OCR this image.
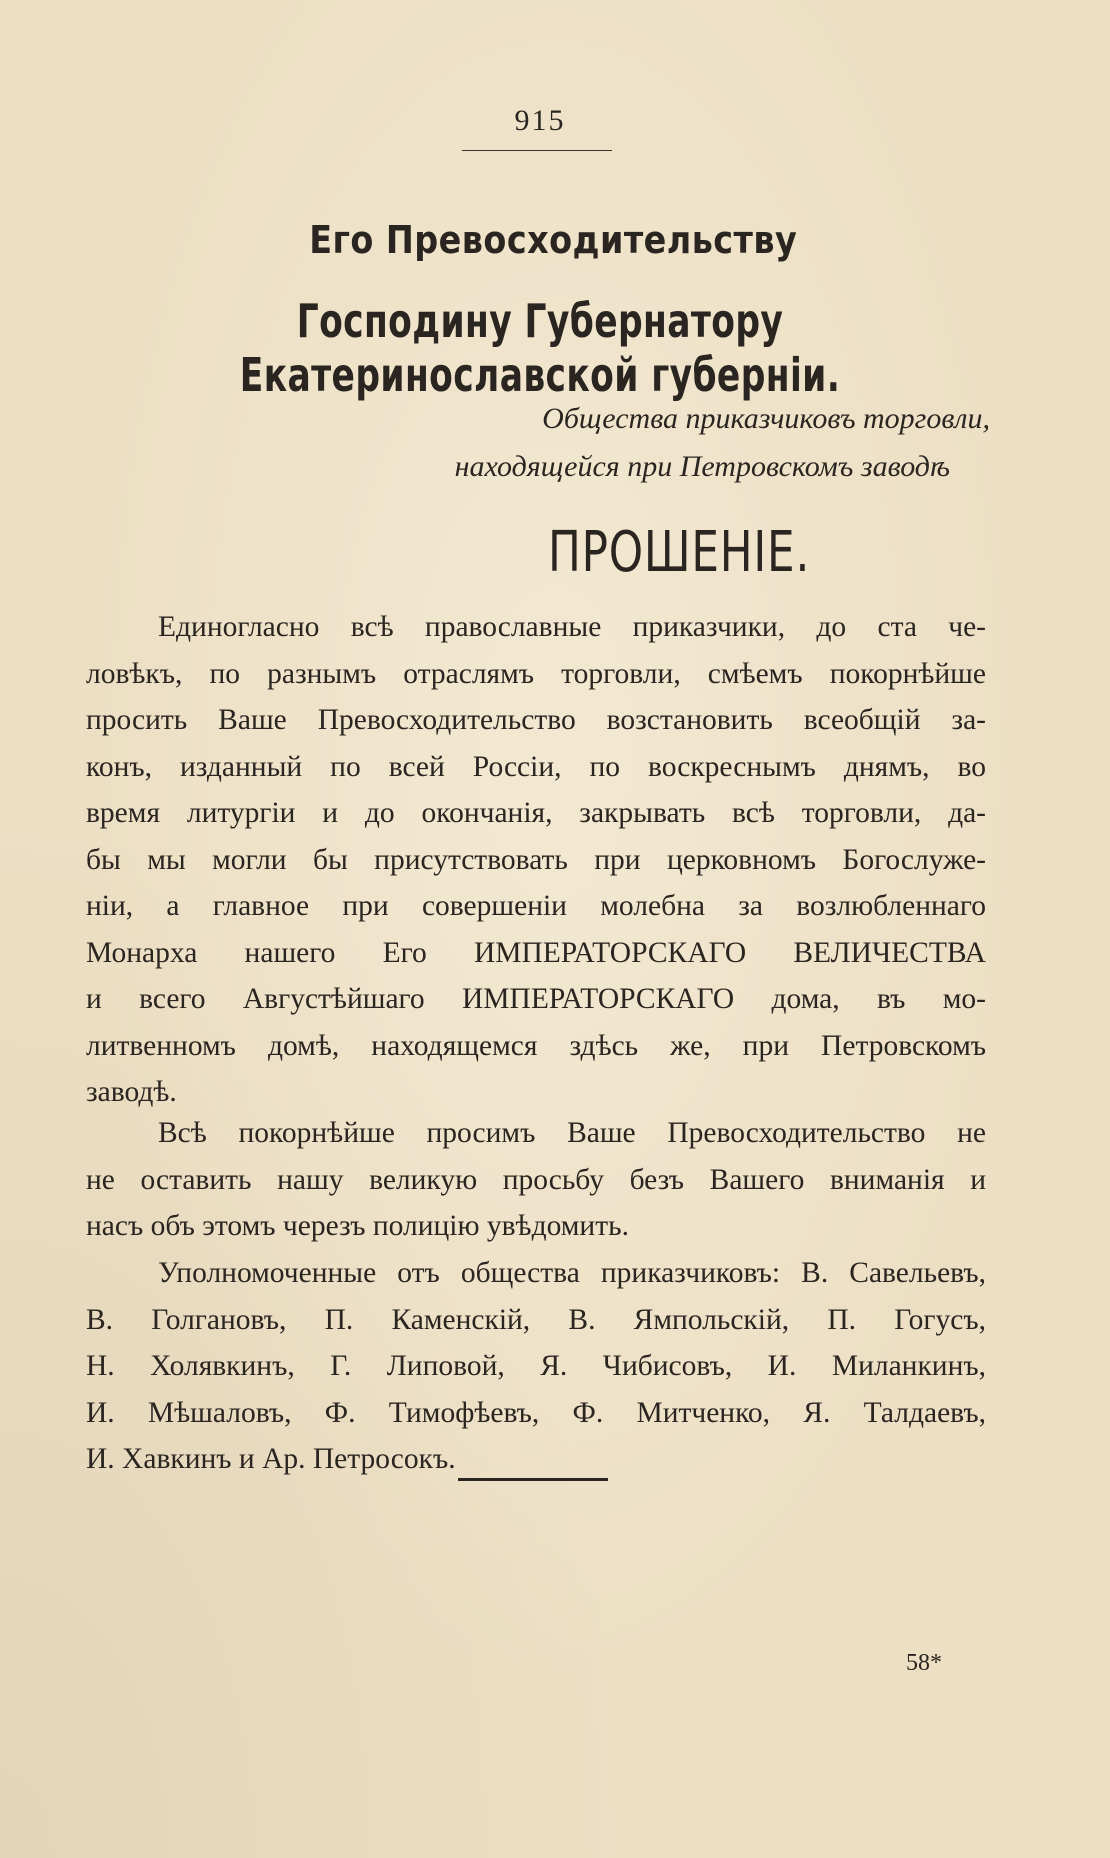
915
Его Превосходительству
Господину Губернатору Екатеринославской губерніи.
Общества приказчиковъ торговли,
находящейся при Петровскомъ заводѣ
ПРОШЕНІЕ.
Единогласно всѣ православные приказчики, до ста че-
ловѣкъ, по разнымъ отраслямъ торговли, смѣемъ покорнѣйше
просить Ваше Превосходительство возстановить всеобщій за-
конъ, изданный по всей Россіи, по воскреснымъ днямъ, во
время литургіи и до окончанія, закрывать всѣ торговли, да-
бы мы могли бы присутствовать при церковномъ Богослуже-
ніи, а главное при совершеніи молебна за возлюбленнаго
Монарха нашего Его ИМПЕРАТОРСКАГО ВЕЛИЧЕСТВА
и всего Августѣйшаго ИМПЕРАТОРСКАГО дома, въ мо-
литвенномъ домѣ, находящемся здѣсь же, при Петровскомъ
заводѣ.
Всѣ покорнѣйше просимъ Ваше Превосходительство не
не оставить нашу великую просьбу безъ Вашего вниманія и
насъ объ этомъ черезъ полицію увѣдомить.
Уполномоченные отъ общества приказчиковъ: В. Савельевъ,
В. Голгановъ, П. Каменскій, В. Ямпольскій, П. Гогусъ,
Н. Холявкинъ, Г. Липовой, Я. Чибисовъ, И. Миланкинъ,
И. Мѣшаловъ, Ф. Тимофѣевъ, Ф. Митченко, Я. Талдаевъ,
И. Хавкинъ и Ар. Петросокъ.
58*
